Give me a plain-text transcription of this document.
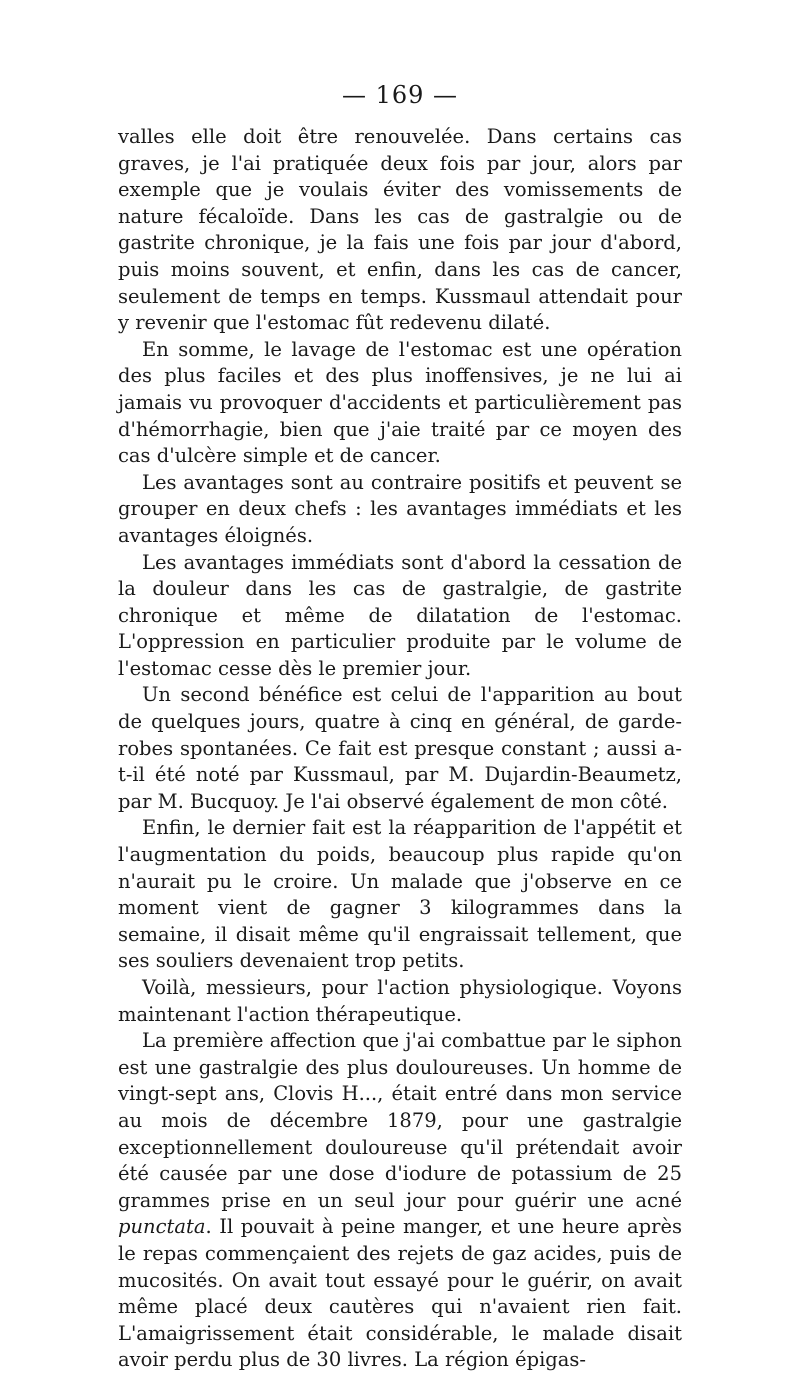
— 169 —

valles elle doit être renouvelée. Dans certains cas graves, je l'ai pratiquée deux fois par jour, alors par exemple que je voulais éviter des vomissements de nature fécaloïde. Dans les cas de gastralgie ou de gastrite chronique, je la fais une fois par jour d'abord, puis moins souvent, et enfin, dans les cas de cancer, seulement de temps en temps. Kussmaul attendait pour y revenir que l'estomac fût redevenu dilaté.

En somme, le lavage de l'estomac est une opération des plus faciles et des plus inoffensives, je ne lui ai jamais vu provoquer d'accidents et particulièrement pas d'hémorrhagie, bien que j'aie traité par ce moyen des cas d'ulcère simple et de cancer.

Les avantages sont au contraire positifs et peuvent se grouper en deux chefs : les avantages immédiats et les avantages éloignés.

Les avantages immédiats sont d'abord la cessation de la douleur dans les cas de gastralgie, de gastrite chronique et même de dilatation de l'estomac. L'oppression en particulier produite par le volume de l'estomac cesse dès le premier jour.

Un second bénéfice est celui de l'apparition au bout de quelques jours, quatre à cinq en général, de garde-robes spontanées. Ce fait est presque constant ; aussi a-t-il été noté par Kussmaul, par M. Dujardin-Beaumetz, par M. Bucquoy. Je l'ai observé également de mon côté.

Enfin, le dernier fait est la réapparition de l'appétit et l'augmentation du poids, beaucoup plus rapide qu'on n'aurait pu le croire. Un malade que j'observe en ce moment vient de gagner 3 kilogrammes dans la semaine, il disait même qu'il engraissait tellement, que ses souliers devenaient trop petits.

Voilà, messieurs, pour l'action physiologique. Voyons maintenant l'action thérapeutique.

La première affection que j'ai combattue par le siphon est une gastralgie des plus douloureuses. Un homme de vingt-sept ans, Clovis H..., était entré dans mon service au mois de décembre 1879, pour une gastralgie exceptionnellement douloureuse qu'il prétendait avoir été causée par une dose d'iodure de potassium de 25 grammes prise en un seul jour pour guérir une acné punctata. Il pouvait à peine manger, et une heure après le repas commençaient des rejets de gaz acides, puis de mucosités. On avait tout essayé pour le guérir, on avait même placé deux cautères qui n'avaient rien fait. L'amaigrissement était considérable, le malade disait avoir perdu plus de 30 livres. La région épigas-
